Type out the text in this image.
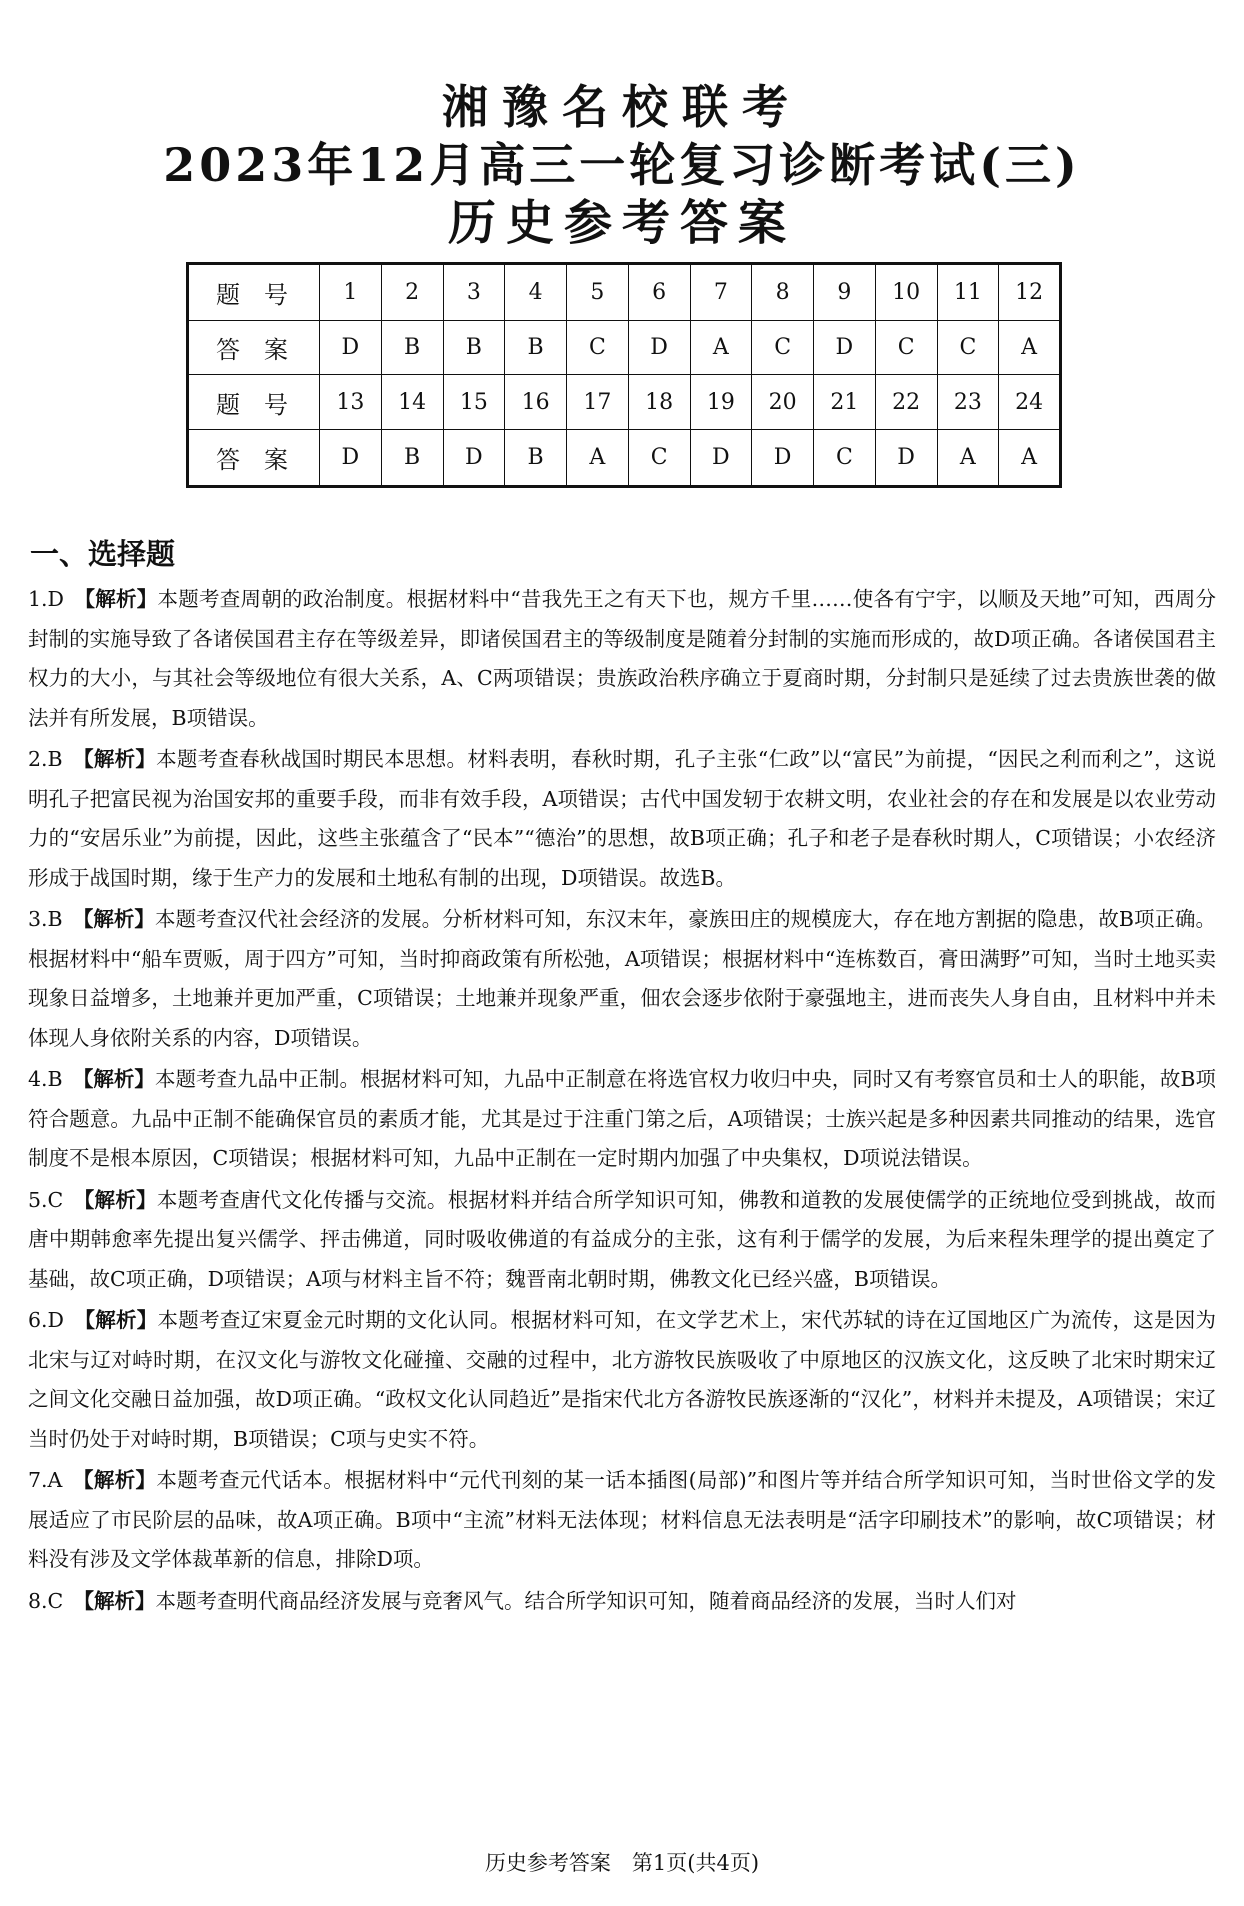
湘豫名校联考
2023年12月高三一轮复习诊断考试(三)
历史参考答案
题号	1	2	3	4	5	6	7	8	9	10	11	12
答案	D	B	B	B	C	D	A	C	D	C	C	A
题号	13	14	15	16	17	18	19	20	21	22	23	24
答案	D	B	D	B	A	C	D	D	C	D	A	A
一、选择题
1.D  【解析】本题考查周朝的政治制度。根据材料中“昔我先王之有天下也，规方千里……使各有宁宇，以顺及天地”可知，西周分封制的实施导致了各诸侯国君主存在等级差异，即诸侯国君主的等级制度是随着分封制的实施而形成的，故D项正确。各诸侯国君主权力的大小，与其社会等级地位有很大关系，A、C两项错误；贵族政治秩序确立于夏商时期，分封制只是延续了过去贵族世袭的做法并有所发展，B项错误。
2.B  【解析】本题考查春秋战国时期民本思想。材料表明，春秋时期，孔子主张“仁政”以“富民”为前提，“因民之利而利之”，这说明孔子把富民视为治国安邦的重要手段，而非有效手段，A项错误；古代中国发轫于农耕文明，农业社会的存在和发展是以农业劳动力的“安居乐业”为前提，因此，这些主张蕴含了“民本”“德治”的思想，故B项正确；孔子和老子是春秋时期人，C项错误；小农经济形成于战国时期，缘于生产力的发展和土地私有制的出现，D项错误。故选B。
3.B  【解析】本题考查汉代社会经济的发展。分析材料可知，东汉末年，豪族田庄的规模庞大，存在地方割据的隐患，故B项正确。根据材料中“船车贾贩，周于四方”可知，当时抑商政策有所松弛，A项错误；根据材料中“连栋数百，膏田满野”可知，当时土地买卖现象日益增多，土地兼并更加严重，C项错误；土地兼并现象严重，佃农会逐步依附于豪强地主，进而丧失人身自由，且材料中并未体现人身依附关系的内容，D项错误。
4.B  【解析】本题考查九品中正制。根据材料可知，九品中正制意在将选官权力收归中央，同时又有考察官员和士人的职能，故B项符合题意。九品中正制不能确保官员的素质才能，尤其是过于注重门第之后，A项错误；士族兴起是多种因素共同推动的结果，选官制度不是根本原因，C项错误；根据材料可知，九品中正制在一定时期内加强了中央集权，D项说法错误。
5.C  【解析】本题考查唐代文化传播与交流。根据材料并结合所学知识可知，佛教和道教的发展使儒学的正统地位受到挑战，故而唐中期韩愈率先提出复兴儒学、抨击佛道，同时吸收佛道的有益成分的主张，这有利于儒学的发展，为后来程朱理学的提出奠定了基础，故C项正确，D项错误；A项与材料主旨不符；魏晋南北朝时期，佛教文化已经兴盛，B项错误。
6.D  【解析】本题考查辽宋夏金元时期的文化认同。根据材料可知，在文学艺术上，宋代苏轼的诗在辽国地区广为流传，这是因为北宋与辽对峙时期，在汉文化与游牧文化碰撞、交融的过程中，北方游牧民族吸收了中原地区的汉族文化，这反映了北宋时期宋辽之间文化交融日益加强，故D项正确。“政权文化认同趋近”是指宋代北方各游牧民族逐渐的“汉化”，材料并未提及，A项错误；宋辽当时仍处于对峙时期，B项错误；C项与史实不符。
7.A  【解析】本题考查元代话本。根据材料中“元代刊刻的某一话本插图(局部)”和图片等并结合所学知识可知，当时世俗文学的发展适应了市民阶层的品味，故A项正确。B项中“主流”材料无法体现；材料信息无法表明是“活字印刷技术”的影响，故C项错误；材料没有涉及文学体裁革新的信息，排除D项。
8.C  【解析】本题考查明代商品经济发展与竞奢风气。结合所学知识可知，随着商品经济的发展，当时人们对
历史参考答案　第1页(共4页)
